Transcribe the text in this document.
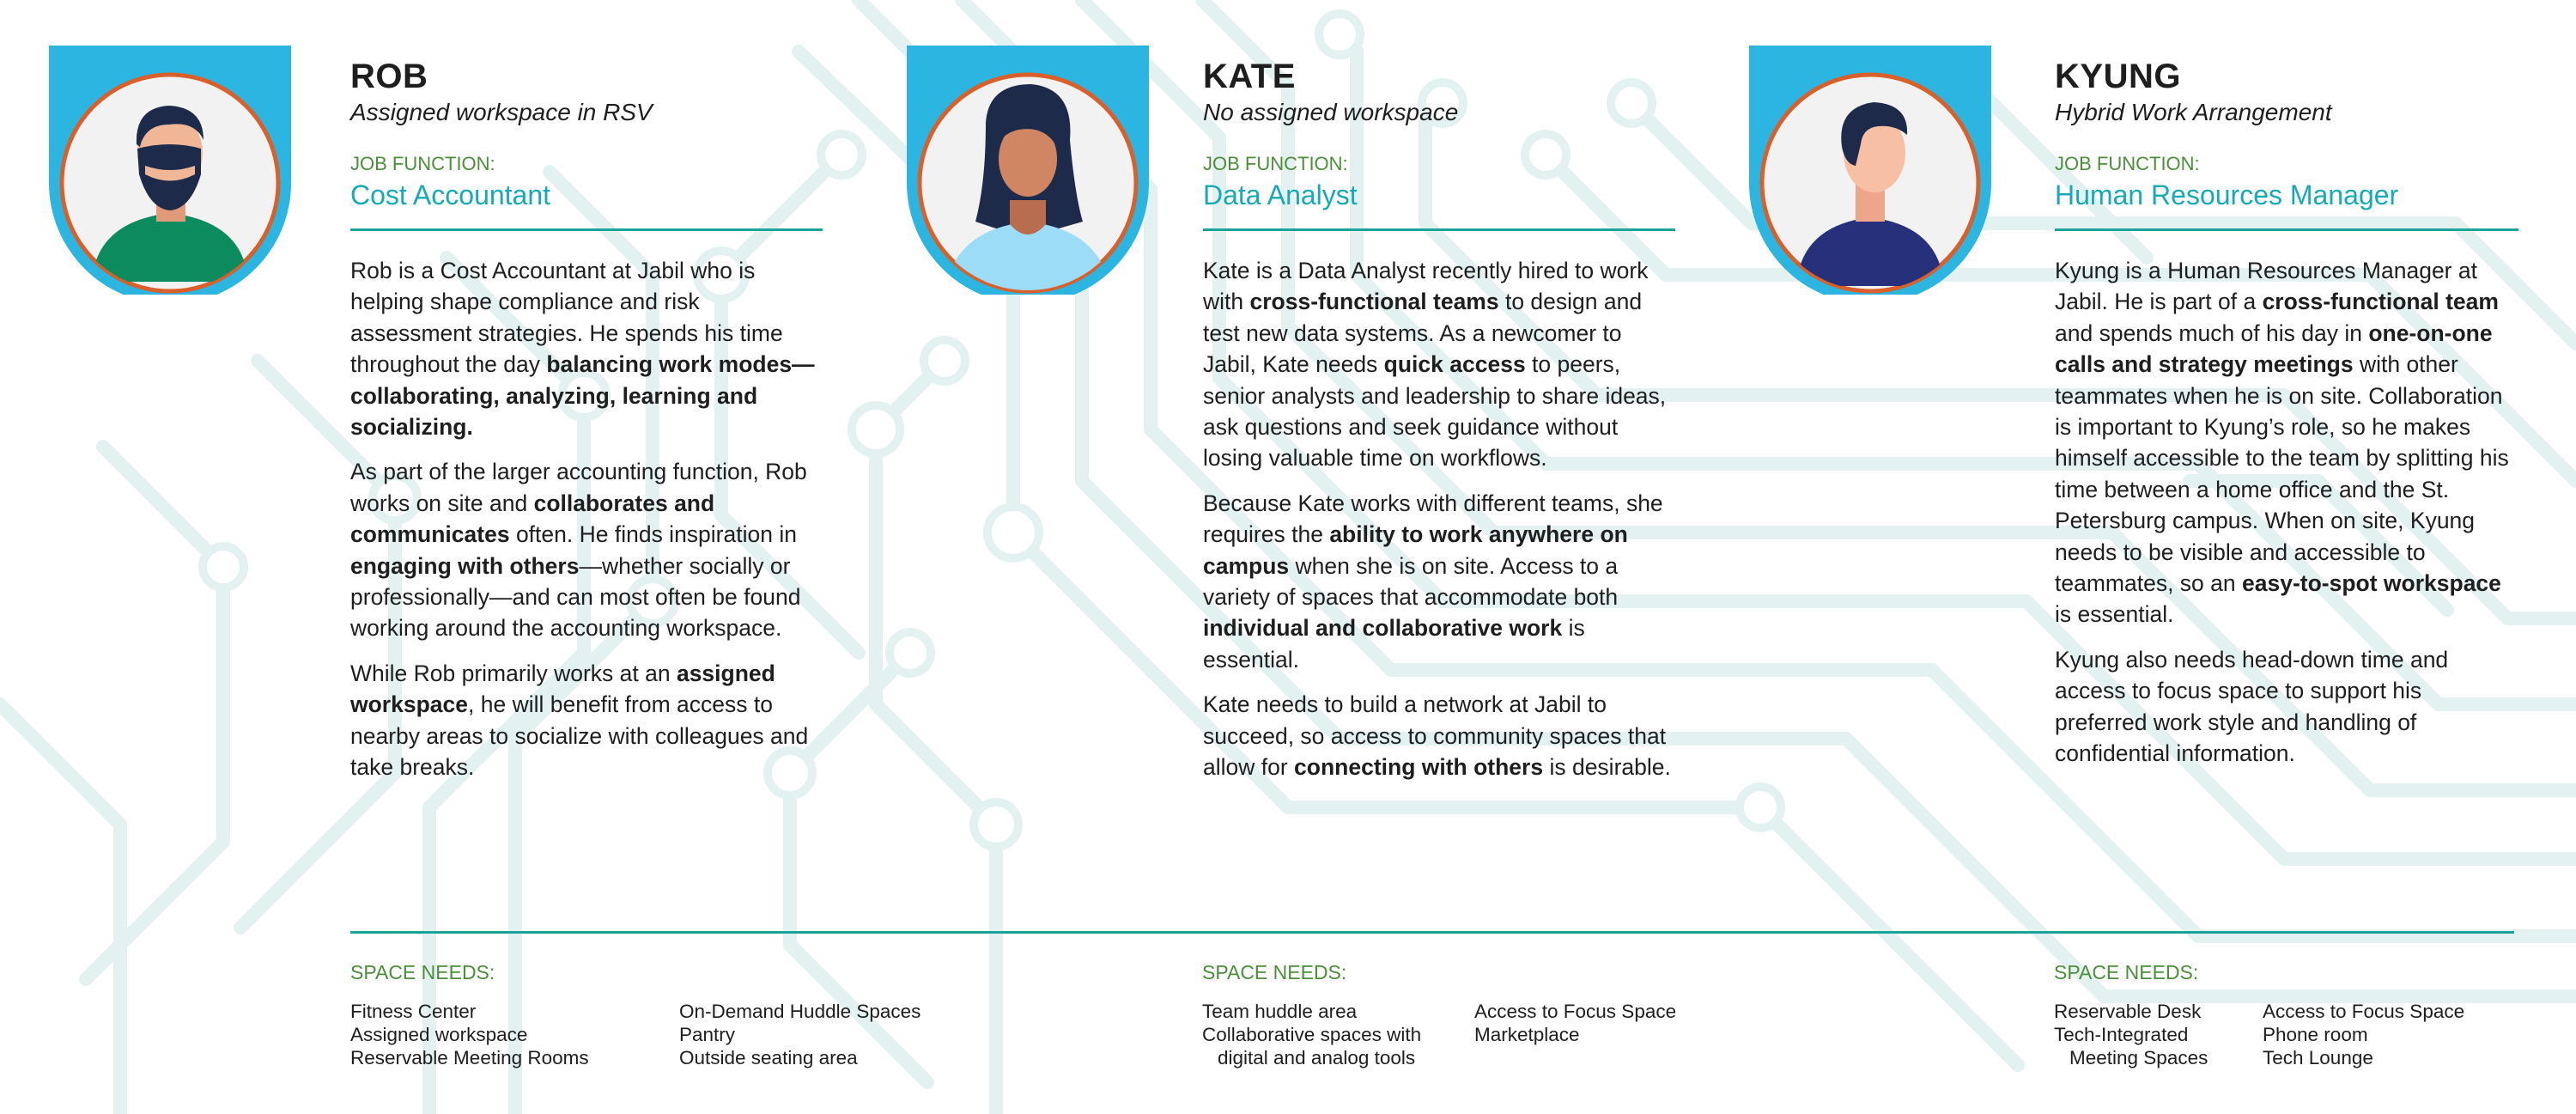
ROB
Assigned workspace in RSV
JOB FUNCTION:
Cost Accountant

Rob is a Cost Accountant at Jabil who is helping shape compliance and risk assessment strategies. He spends his time throughout the day balancing work modes—collaborating, analyzing, learning and socializing.

As part of the larger accounting function, Rob works on site and collaborates and communicates often. He finds inspiration in engaging with others—whether socially or professionally—and can most often be found working around the accounting workspace.

While Rob primarily works at an assigned workspace, he will benefit from access to nearby areas to socialize with colleagues and take breaks.

KATE
No assigned workspace
JOB FUNCTION:
Data Analyst

Kate is a Data Analyst recently hired to work with cross-functional teams to design and test new data systems. As a newcomer to Jabil, Kate needs quick access to peers, senior analysts and leadership to share ideas, ask questions and seek guidance without losing valuable time on workflows.

Because Kate works with different teams, she requires the ability to work anywhere on campus when she is on site. Access to a variety of spaces that accommodate both individual and collaborative work is essential.

Kate needs to build a network at Jabil to succeed, so access to community spaces that allow for connecting with others is desirable.

KYUNG
Hybrid Work Arrangement
JOB FUNCTION:
Human Resources Manager

Kyung is a Human Resources Manager at Jabil. He is part of a cross-functional team and spends much of his day in one-on-one calls and strategy meetings with other teammates when he is on site. Collaboration is important to Kyung’s role, so he makes himself accessible to the team by splitting his time between a home office and the St. Petersburg campus. When on site, Kyung needs to be visible and accessible to teammates, so an easy-to-spot workspace is essential.

Kyung also needs head-down time and access to focus space to support his preferred work style and handling of confidential information.

SPACE NEEDS:
Fitness Center
Assigned workspace
Reservable Meeting Rooms
On-Demand Huddle Spaces
Pantry
Outside seating area
SPACE NEEDS:
Team huddle area
Collaborative spaces with
digital and analog tools
Access to Focus Space
Marketplace
SPACE NEEDS:
Reservable Desk
Tech-Integrated
Meeting Spaces
Access to Focus Space
Phone room
Tech Lounge
